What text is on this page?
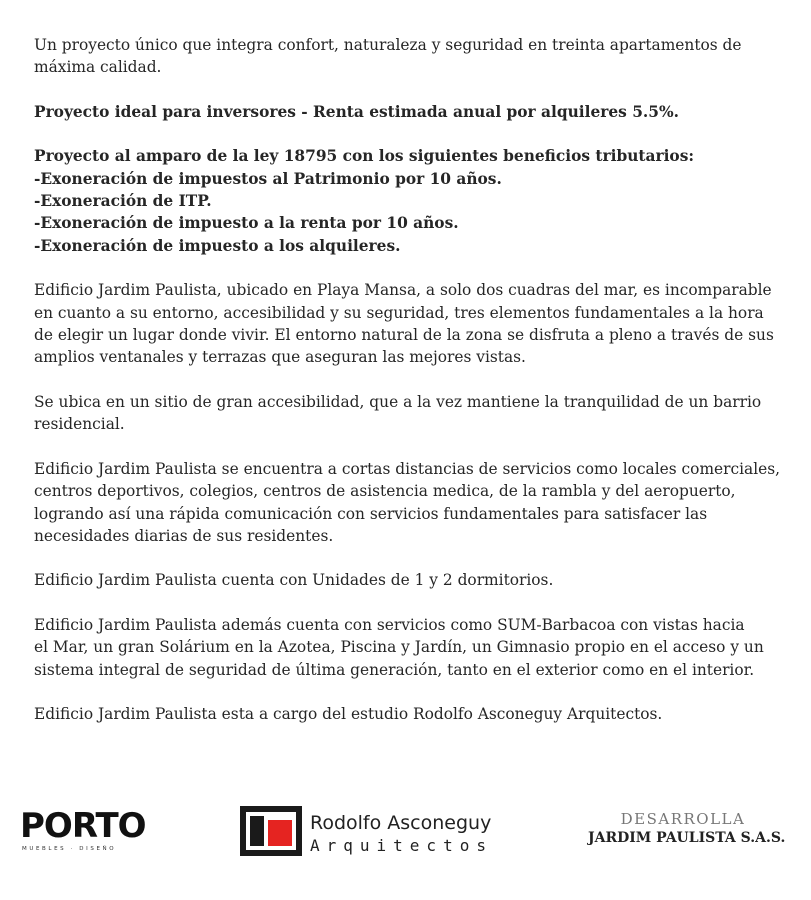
Un proyecto único que integra confort, naturaleza y seguridad en treinta apartamentos de
máxima calidad.

Proyecto ideal para inversores - Renta estimada anual por alquileres 5.5%.

Proyecto al amparo de la ley 18795 con los siguientes beneficios tributarios:
-Exoneración de impuestos al Patrimonio por 10 años.
-Exoneración de ITP.
-Exoneración de impuesto a la renta por 10 años.
-Exoneración de impuesto a los alquileres.

Edificio Jardim Paulista, ubicado en Playa Mansa, a solo dos cuadras del mar, es incomparable
en cuanto a su entorno, accesibilidad y su seguridad, tres elementos fundamentales a la hora
de elegir un lugar donde vivir. El entorno natural de la zona se disfruta a pleno a través de sus
amplios ventanales y terrazas que aseguran las mejores vistas.

Se ubica en un sitio de gran accesibilidad, que a la vez mantiene la tranquilidad de un barrio
residencial.

Edificio Jardim Paulista se encuentra a cortas distancias de servicios como locales comerciales,
centros deportivos, colegios, centros de asistencia medica, de la rambla y del aeropuerto,
logrando así una rápida comunicación con servicios fundamentales para satisfacer las
necesidades diarias de sus residentes.

Edificio Jardim Paulista cuenta con Unidades de 1 y 2 dormitorios.

Edificio Jardim Paulista además cuenta con servicios como SUM-Barbacoa con vistas hacia
el Mar, un gran Solárium en la Azotea, Piscina y Jardín, un Gimnasio propio en el acceso y un
sistema integral de seguridad de última generación, tanto en el exterior como en el interior.

Edificio Jardim Paulista esta a cargo del estudio Rodolfo Asconeguy Arquitectos.

PORTO
MUEBLES · DISEÑO
Rodolfo Asconeguy
Arquitectos
DESARROLLA
JARDIM PAULISTA S.A.S.
